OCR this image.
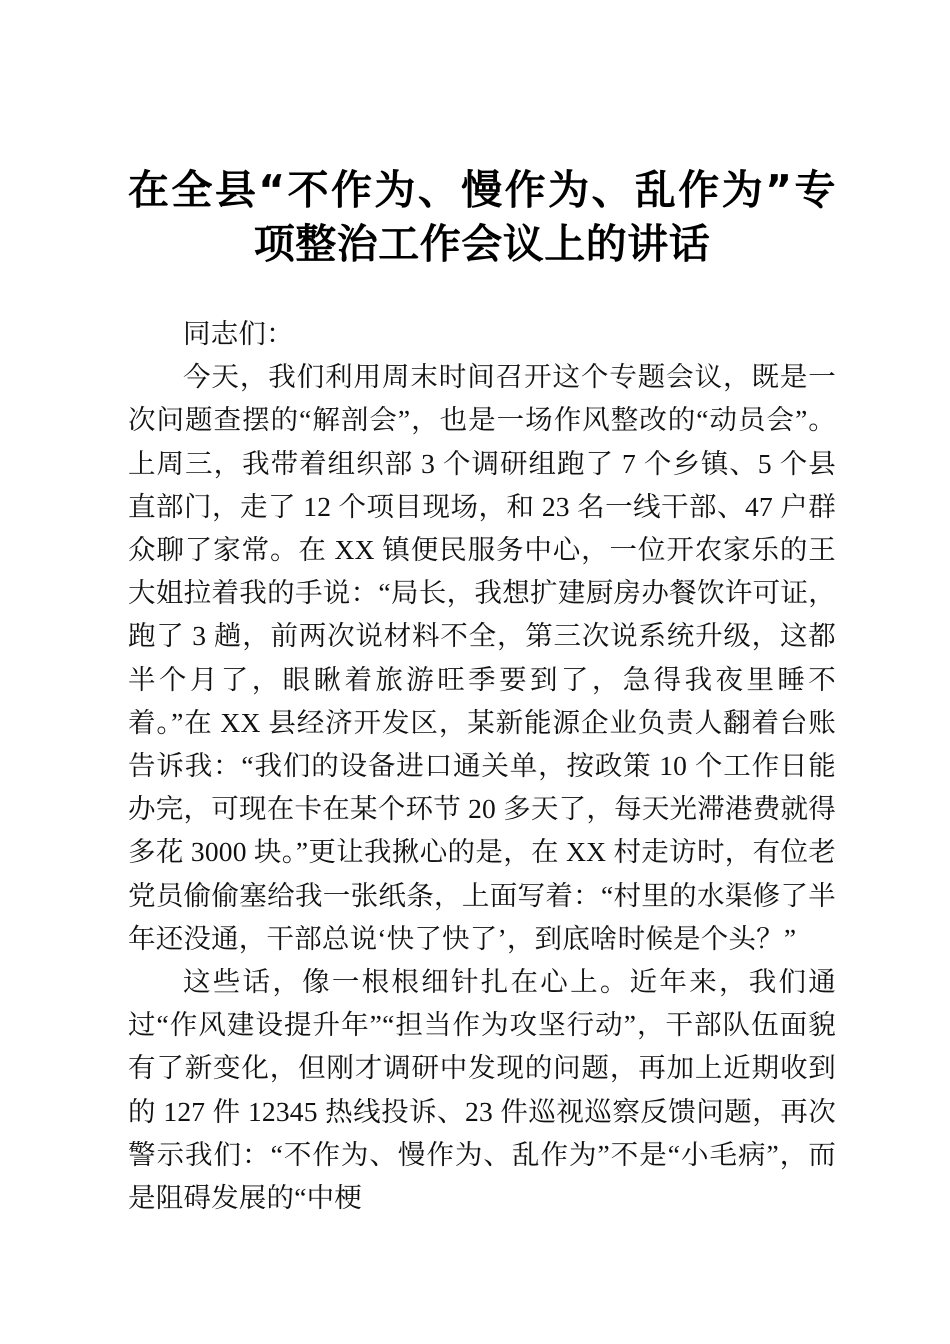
在全县“不作为、慢作为、乱作为”专
项整治工作会议上的讲话

同志们：

今天，我们利用周末时间召开这个专题会议，既是一次问题查摆的“解剖会”，也是一场作风整改的“动员会”。上周三，我带着组织部 3 个调研组跑了 7 个乡镇、5 个县直部门，走了 12 个项目现场，和 23 名一线干部、47 户群众聊了家常。在 XX 镇便民服务中心，一位开农家乐的王大姐拉着我的手说：“局长，我想扩建厨房办餐饮许可证，跑了 3 趟，前两次说材料不全，第三次说系统升级，这都半个月了，眼瞅着旅游旺季要到了，急得我夜里睡不着。”在 XX 县经济开发区，某新能源企业负责人翻着台账告诉我：“我们的设备进口通关单，按政策 10 个工作日能办完，可现在卡在某个环节 20 多天了，每天光滞港费就得多花 3000 块。”更让我揪心的是，在 XX 村走访时，有位老党员偷偷塞给我一张纸条，上面写着：“村里的水渠修了半年还没通，干部总说‘快了快了’，到底啥时候是个头？”

这些话，像一根根细针扎在心上。近年来，我们通过“作风建设提升年”“担当作为攻坚行动”，干部队伍面貌有了新变化，但刚才调研中发现的问题，再加上近期收到的 127 件 12345 热线投诉、23 件巡视巡察反馈问题，再次警示我们：“不作为、慢作为、乱作为”不是“小毛病”，而是阻碍发展的“中梗
